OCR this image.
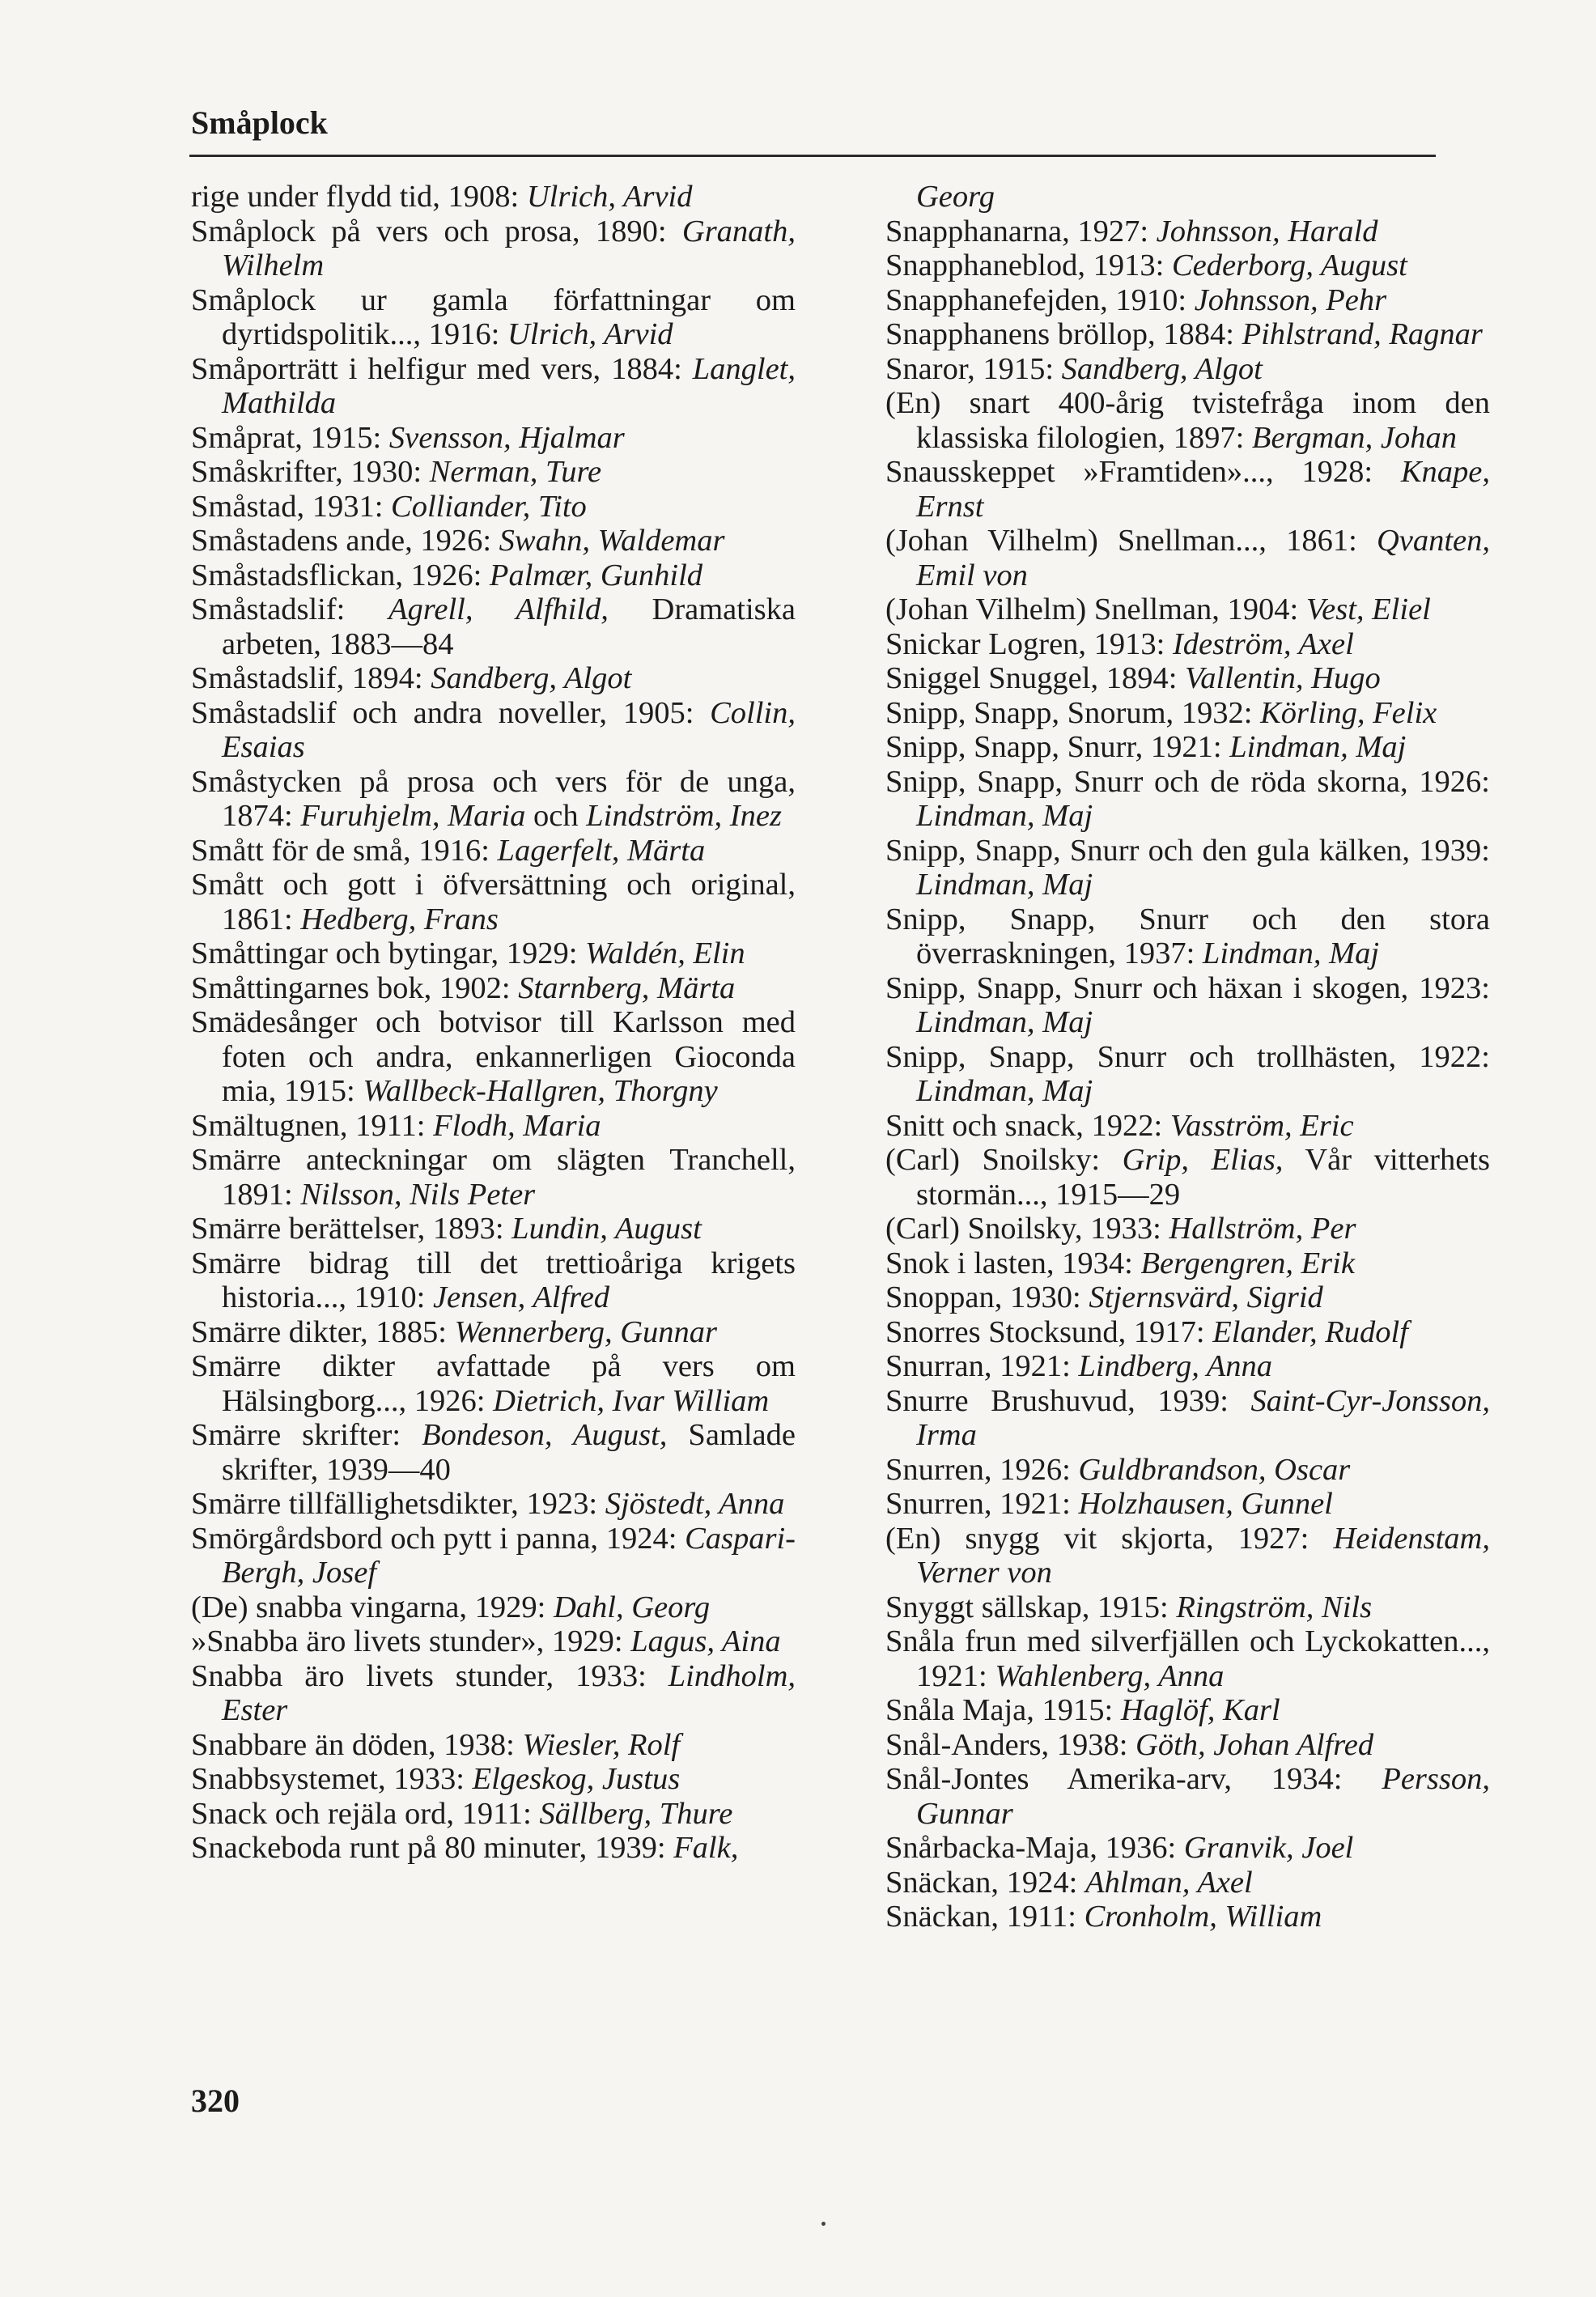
Småplock
rige under flydd tid, 1908: Ulrich, Arvid
Småplock på vers och prosa, 1890: Granath, Wilhelm
Småplock ur gamla författningar om dyrtidspolitik..., 1916: Ulrich, Arvid
Småporträtt i helfigur med vers, 1884: Langlet, Mathilda
Småprat, 1915: Svensson, Hjalmar
Småskrifter, 1930: Nerman, Ture
Småstad, 1931: Colliander, Tito
Småstadens ande, 1926: Swahn, Waldemar
Småstadsflickan, 1926: Palmær, Gunhild
Småstadslif: Agrell, Alfhild, Dramatiska arbeten, 1883—84
Småstadslif, 1894: Sandberg, Algot
Småstadslif och andra noveller, 1905: Collin, Esaias
Småstycken på prosa och vers för de unga, 1874: Furuhjelm, Maria och Lindström, Inez
Smått för de små, 1916: Lagerfelt, Märta
Smått och gott i öfversättning och original, 1861: Hedberg, Frans
Småttingar och bytingar, 1929: Waldén, Elin
Småttingarnes bok, 1902: Starnberg, Märta
Smädesånger och botvisor till Karlsson med foten och andra, enkannerligen Gioconda mia, 1915: Wallbeck-Hallgren, Thorgny
Smältugnen, 1911: Flodh, Maria
Smärre anteckningar om slägten Tranchell, 1891: Nilsson, Nils Peter
Smärre berättelser, 1893: Lundin, August
Smärre bidrag till det trettioåriga krigets historia..., 1910: Jensen, Alfred
Smärre dikter, 1885: Wennerberg, Gunnar
Smärre dikter avfattade på vers om Hälsingborg..., 1926: Dietrich, Ivar William
Smärre skrifter: Bondeson, August, Samlade skrifter, 1939—40
Smärre tillfällighetsdikter, 1923: Sjöstedt, Anna
Smörgårdsbord och pytt i panna, 1924: Caspari-Bergh, Josef
(De) snabba vingarna, 1929: Dahl, Georg
»Snabba äro livets stunder», 1929: Lagus, Aina
Snabba äro livets stunder, 1933: Lindholm, Ester
Snabbare än döden, 1938: Wiesler, Rolf
Snabbsystemet, 1933: Elgeskog, Justus
Snack och rejäla ord, 1911: Sällberg, Thure
Snackeboda runt på 80 minuter, 1939: Falk,
Georg
Snapphanarna, 1927: Johnsson, Harald
Snapphaneblod, 1913: Cederborg, August
Snapphanefejden, 1910: Johnsson, Pehr
Snapphanens bröllop, 1884: Pihlstrand, Ragnar
Snaror, 1915: Sandberg, Algot
(En) snart 400-årig tvistefråga inom den klassiska filologien, 1897: Bergman, Johan
Snausskeppet »Framtiden»..., 1928: Knape, Ernst
(Johan Vilhelm) Snellman..., 1861: Qvanten, Emil von
(Johan Vilhelm) Snellman, 1904: Vest, Eliel
Snickar Logren, 1913: Ideström, Axel
Sniggel Snuggel, 1894: Vallentin, Hugo
Snipp, Snapp, Snorum, 1932: Körling, Felix
Snipp, Snapp, Snurr, 1921: Lindman, Maj
Snipp, Snapp, Snurr och de röda skorna, 1926: Lindman, Maj
Snipp, Snapp, Snurr och den gula kälken, 1939: Lindman, Maj
Snipp, Snapp, Snurr och den stora överraskningen, 1937: Lindman, Maj
Snipp, Snapp, Snurr och häxan i skogen, 1923: Lindman, Maj
Snipp, Snapp, Snurr och trollhästen, 1922: Lindman, Maj
Snitt och snack, 1922: Vasström, Eric
(Carl) Snoilsky: Grip, Elias, Vår vitterhets stormän..., 1915—29
(Carl) Snoilsky, 1933: Hallström, Per
Snok i lasten, 1934: Bergengren, Erik
Snoppan, 1930: Stjernsvärd, Sigrid
Snorres Stocksund, 1917: Elander, Rudolf
Snurran, 1921: Lindberg, Anna
Snurre Brushuvud, 1939: Saint-Cyr-Jonsson, Irma
Snurren, 1926: Guldbrandson, Oscar
Snurren, 1921: Holzhausen, Gunnel
(En) snygg vit skjorta, 1927: Heidenstam, Verner von
Snyggt sällskap, 1915: Ringström, Nils
Snåla frun med silverfjällen och Lyckokatten..., 1921: Wahlenberg, Anna
Snåla Maja, 1915: Haglöf, Karl
Snål-Anders, 1938: Göth, Johan Alfred
Snål-Jontes Amerika-arv, 1934: Persson, Gunnar
Snårbacka-Maja, 1936: Granvik, Joel
Snäckan, 1924: Ahlman, Axel
Snäckan, 1911: Cronholm, William
320
